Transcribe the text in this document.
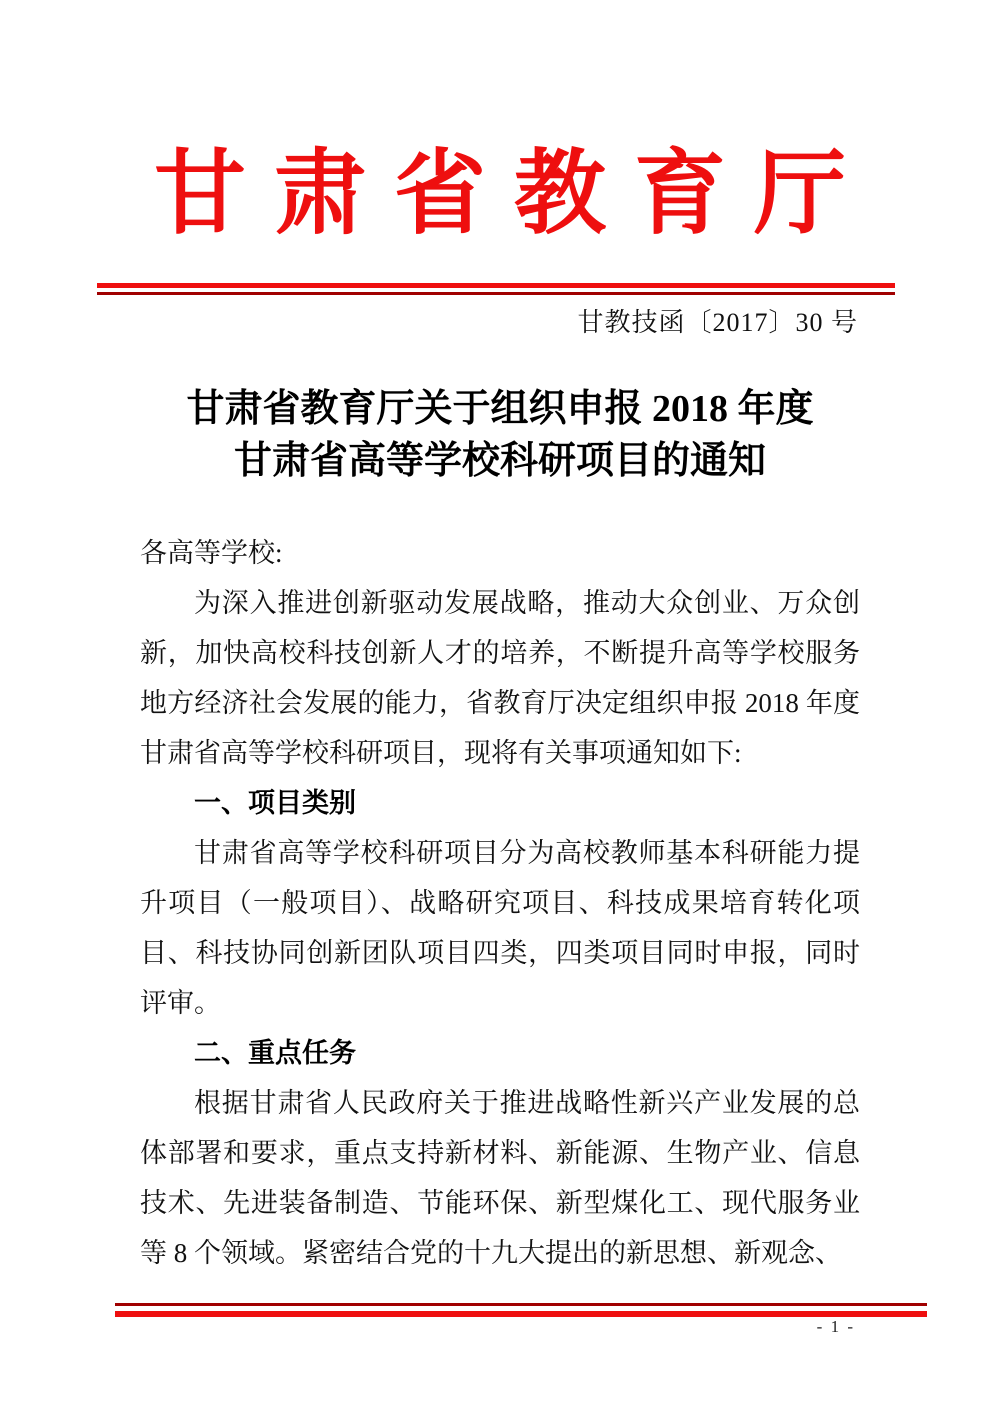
甘肃省教育厅
甘教技函〔2017〕30 号
甘肃省教育厅关于组织申报 2018 年度
甘肃省高等学校科研项目的通知

各高等学校:

为深入推进创新驱动发展战略，推动大众创业、万众创新，加快高校科技创新人才的培养，不断提升高等学校服务地方经济社会发展的能力，省教育厅决定组织申报 2018 年度甘肃省高等学校科研项目，现将有关事项通知如下:

一、项目类别

甘肃省高等学校科研项目分为高校教师基本科研能力提升项目（一般项目）、战略研究项目、科技成果培育转化项目、科技协同创新团队项目四类，四类项目同时申报，同时评审。

二、重点任务

根据甘肃省人民政府关于推进战略性新兴产业发展的总体部署和要求，重点支持新材料、新能源、生物产业、信息技术、先进装备制造、节能环保、新型煤化工、现代服务业等 8 个领域。紧密结合党的十九大提出的新思想、新观念、

- 1 -
